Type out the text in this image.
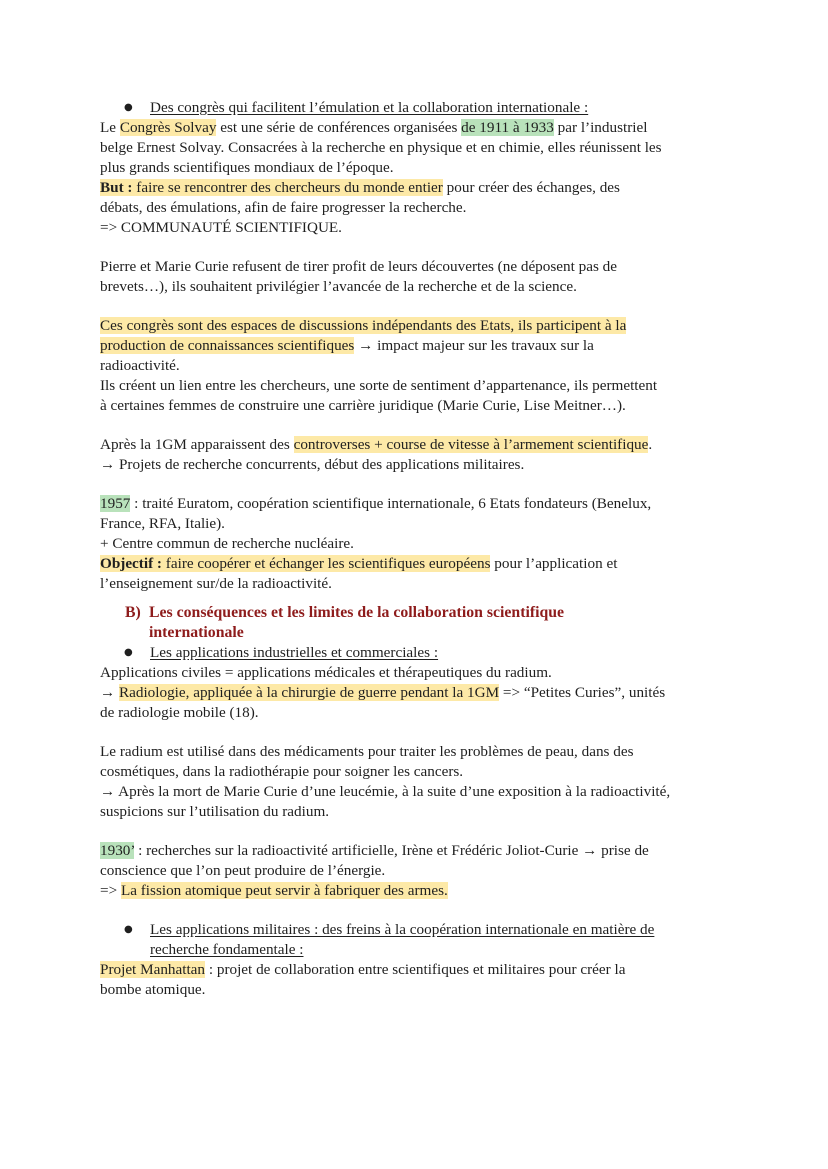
● Des congrès qui facilitent l’émulation et la collaboration internationale :
Le Congrès Solvay est une série de conférences organisées de 1911 à 1933 par l’industriel
belge Ernest Solvay. Consacrées à la recherche en physique et en chimie, elles réunissent les
plus grands scientifiques mondiaux de l’époque.
But : faire se rencontrer des chercheurs du monde entier pour créer des échanges, des
débats, des émulations, afin de faire progresser la recherche.
=> COMMUNAUTÉ SCIENTIFIQUE.
Pierre et Marie Curie refusent de tirer profit de leurs découvertes (ne déposent pas de
brevets…), ils souhaitent privilégier l’avancée de la recherche et de la science.
Ces congrès sont des espaces de discussions indépendants des Etats, ils participent à la
production de connaissances scientifiques → impact majeur sur les travaux sur la
radioactivité.
Ils créent un lien entre les chercheurs, une sorte de sentiment d’appartenance, ils permettent
à certaines femmes de construire une carrière juridique (Marie Curie, Lise Meitner…).
Après la 1GM apparaissent des controverses + course de vitesse à l’armement scientifique.
→ Projets de recherche concurrents, début des applications militaires.
1957 : traité Euratom, coopération scientifique internationale, 6 Etats fondateurs (Benelux,
France, RFA, Italie).
+ Centre commun de recherche nucléaire.
Objectif : faire coopérer et échanger les scientifiques européens pour l’application et
l’enseignement sur/de la radioactivité.
B) Les conséquences et les limites de la collaboration scientifique
internationale
● Les applications industrielles et commerciales :
Applications civiles = applications médicales et thérapeutiques du radium.
→ Radiologie, appliquée à la chirurgie de guerre pendant la 1GM => “Petites Curies”, unités
de radiologie mobile (18).
Le radium est utilisé dans des médicaments pour traiter les problèmes de peau, dans des
cosmétiques, dans la radiothérapie pour soigner les cancers.
→ Après la mort de Marie Curie d’une leucémie, à la suite d’une exposition à la radioactivité,
suspicions sur l’utilisation du radium.
1930’ : recherches sur la radioactivité artificielle, Irène et Frédéric Joliot-Curie → prise de
conscience que l’on peut produire de l’énergie.
=> La fission atomique peut servir à fabriquer des armes.
● Les applications militaires : des freins à la coopération internationale en matière de
recherche fondamentale :
Projet Manhattan : projet de collaboration entre scientifiques et militaires pour créer la
bombe atomique.
